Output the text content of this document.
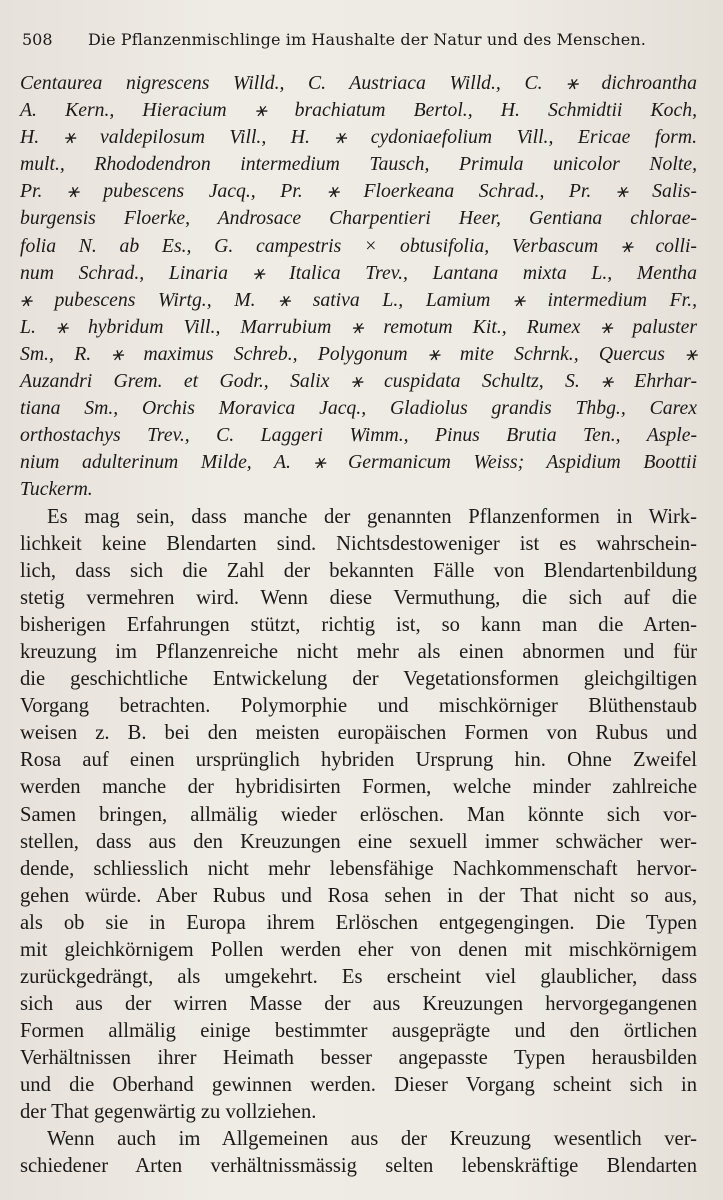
508	Die Pflanzenmischlinge im Haushalte der Natur und des Menschen.
Centaurea nigrescens Willd., C. Austriaca Willd., C. ⚹ dichroantha
A. Kern., Hieracium ⚹ brachiatum Bertol., H. Schmidtii Koch,
H. ⚹ valdepilosum Vill., H. ⚹ cydoniaefolium Vill., Ericae form.
mult., Rhododendron intermedium Tausch, Primula unicolor Nolte,
Pr. ⚹ pubescens Jacq., Pr. ⚹ Floerkeana Schrad., Pr. ⚹ Salis-
burgensis Floerke, Androsace Charpentieri Heer, Gentiana chlorae-
folia N. ab Es., G. campestris × obtusifolia, Verbascum ⚹ colli-
num Schrad., Linaria ⚹ Italica Trev., Lantana mixta L., Mentha
⚹ pubescens Wirtg., M. ⚹ sativa L., Lamium ⚹ intermedium Fr.,
L. ⚹ hybridum Vill., Marrubium ⚹ remotum Kit., Rumex ⚹ paluster
Sm., R. ⚹ maximus Schreb., Polygonum ⚹ mite Schrnk., Quercus ⚹
Auzandri Grem. et Godr., Salix ⚹ cuspidata Schultz, S. ⚹ Ehrhar-
tiana Sm., Orchis Moravica Jacq., Gladiolus grandis Thbg., Carex
orthostachys Trev., C. Laggeri Wimm., Pinus Brutia Ten., Asple-
nium adulterinum Milde, A. ⚹ Germanicum Weiss; Aspidium Boottii
Tuckerm.
Es mag sein, dass manche der genannten Pflanzenformen in Wirk-
lichkeit keine Blendarten sind. Nichtsdestoweniger ist es wahrschein-
lich, dass sich die Zahl der bekannten Fälle von Blendartenbildung
stetig vermehren wird. Wenn diese Vermuthung, die sich auf die
bisherigen Erfahrungen stützt, richtig ist, so kann man die Arten-
kreuzung im Pflanzenreiche nicht mehr als einen abnormen und für
die geschichtliche Entwickelung der Vegetationsformen gleichgiltigen
Vorgang betrachten. Polymorphie und mischkörniger Blüthenstaub
weisen z. B. bei den meisten europäischen Formen von Rubus und
Rosa auf einen ursprünglich hybriden Ursprung hin. Ohne Zweifel
werden manche der hybridisirten Formen, welche minder zahlreiche
Samen bringen, allmälig wieder erlöschen. Man könnte sich vor-
stellen, dass aus den Kreuzungen eine sexuell immer schwächer wer-
dende, schliesslich nicht mehr lebensfähige Nachkommenschaft hervor-
gehen würde. Aber Rubus und Rosa sehen in der That nicht so aus,
als ob sie in Europa ihrem Erlöschen entgegengingen. Die Typen
mit gleichkörnigem Pollen werden eher von denen mit mischkörnigem
zurückgedrängt, als umgekehrt. Es erscheint viel glaublicher, dass
sich aus der wirren Masse der aus Kreuzungen hervorgegangenen
Formen allmälig einige bestimmter ausgeprägte und den örtlichen
Verhältnissen ihrer Heimath besser angepasste Typen herausbilden
und die Oberhand gewinnen werden. Dieser Vorgang scheint sich in
der That gegenwärtig zu vollziehen.
Wenn auch im Allgemeinen aus der Kreuzung wesentlich ver-
schiedener Arten verhältnissmässig selten lebenskräftige Blendarten
